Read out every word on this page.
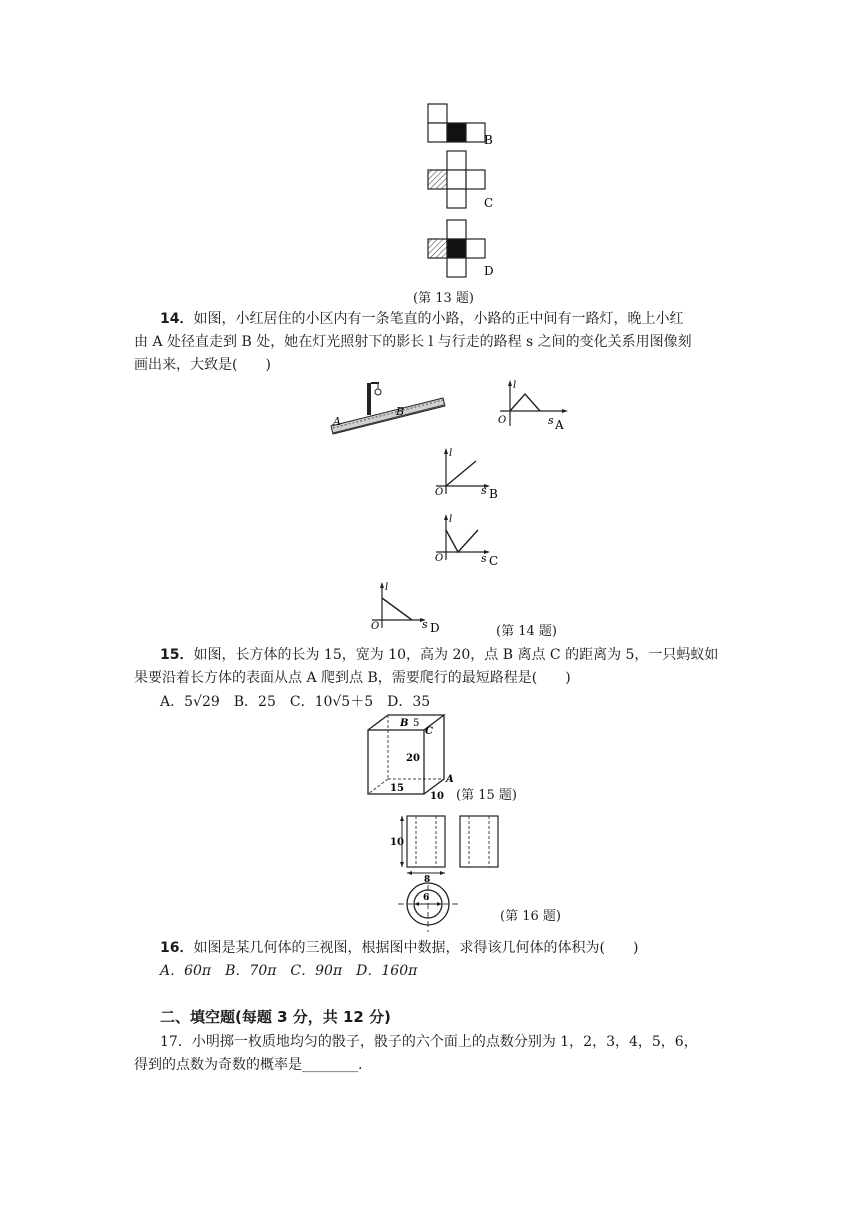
B
C
D
(第 13 题)
14．如图，小红居住的小区内有一条笔直的小路，小路的正中间有一路灯，晚上小红
由 A 处径直走到 B 处，她在灯光照射下的影长 l 与行走的路程 s 之间的变化关系用图像刻
画出来，大致是(　　)
A
B
l
O	s A
l
O	s B
l
O	s C
l
O	s D	(第 14 题)
15．如图，长方体的长为 15，宽为 10，高为 20，点 B 离点 C 的距离为 5，一只蚂蚁如
果要沿着长方体的表面从点 A 爬到点 B，需要爬行的最短路程是(　　)
A．5√29　B．25　C．10√5＋5　D．35
B 5
C
20
A
15
10 (第 15 题)
10
8
6
(第 16 题)
16．如图是某几何体的三视图，根据图中数据，求得该几何体的体积为(　　)
A．60π　B．70π　C．90π　D．160π
二、填空题(每题 3 分，共 12 分)
17．小明掷一枚质地均匀的骰子，骰子的六个面上的点数分别为 1，2，3，4，5，6，
得到的点数为奇数的概率是________.
